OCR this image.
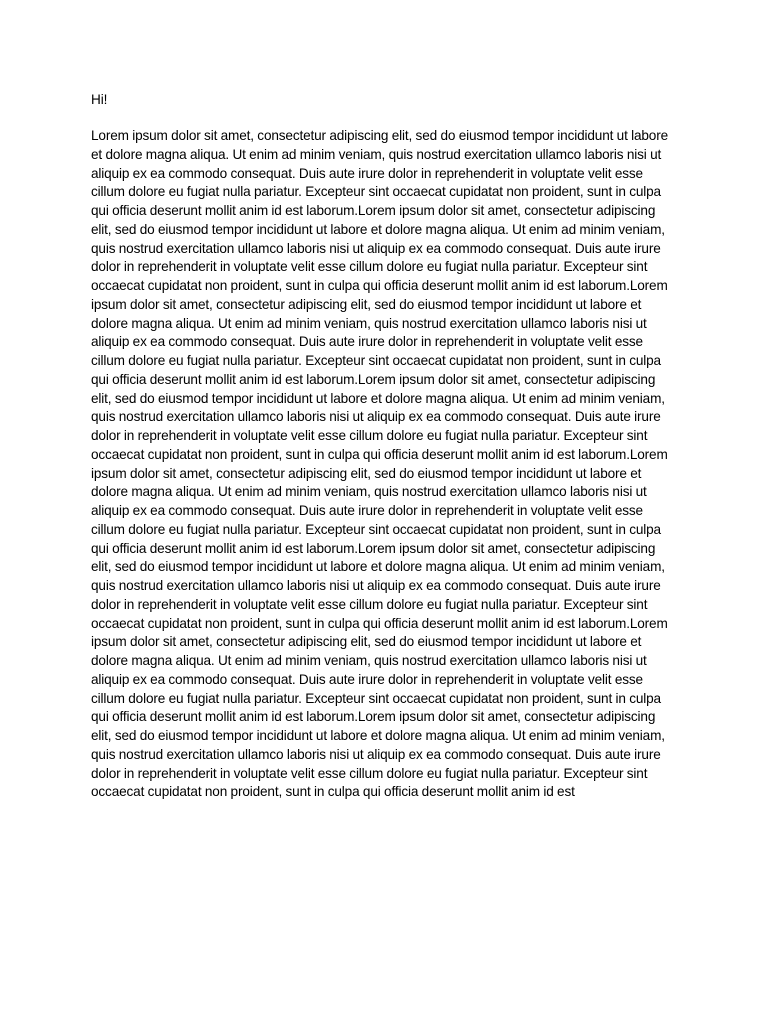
Hi!

Lorem ipsum dolor sit amet, consectetur adipiscing elit, sed do eiusmod tempor incididunt ut labore et dolore magna aliqua. Ut enim ad minim veniam, quis nostrud exercitation ullamco laboris nisi ut aliquip ex ea commodo consequat. Duis aute irure dolor in reprehenderit in voluptate velit esse cillum dolore eu fugiat nulla pariatur. Excepteur sint occaecat cupidatat non proident, sunt in culpa qui officia deserunt mollit anim id est laborum.Lorem ipsum dolor sit amet, consectetur adipiscing elit, sed do eiusmod tempor incididunt ut labore et dolore magna aliqua. Ut enim ad minim veniam, quis nostrud exercitation ullamco laboris nisi ut aliquip ex ea commodo consequat. Duis aute irure dolor in reprehenderit in voluptate velit esse cillum dolore eu fugiat nulla pariatur. Excepteur sint occaecat cupidatat non proident, sunt in culpa qui officia deserunt mollit anim id est laborum.Lorem ipsum dolor sit amet, consectetur adipiscing elit, sed do eiusmod tempor incididunt ut labore et dolore magna aliqua. Ut enim ad minim veniam, quis nostrud exercitation ullamco laboris nisi ut aliquip ex ea commodo consequat. Duis aute irure dolor in reprehenderit in voluptate velit esse cillum dolore eu fugiat nulla pariatur. Excepteur sint occaecat cupidatat non proident, sunt in culpa qui officia deserunt mollit anim id est laborum.Lorem ipsum dolor sit amet, consectetur adipiscing elit, sed do eiusmod tempor incididunt ut labore et dolore magna aliqua. Ut enim ad minim veniam, quis nostrud exercitation ullamco laboris nisi ut aliquip ex ea commodo consequat. Duis aute irure dolor in reprehenderit in voluptate velit esse cillum dolore eu fugiat nulla pariatur. Excepteur sint occaecat cupidatat non proident, sunt in culpa qui officia deserunt mollit anim id est laborum.Lorem ipsum dolor sit amet, consectetur adipiscing elit, sed do eiusmod tempor incididunt ut labore et dolore magna aliqua. Ut enim ad minim veniam, quis nostrud exercitation ullamco laboris nisi ut aliquip ex ea commodo consequat. Duis aute irure dolor in reprehenderit in voluptate velit esse cillum dolore eu fugiat nulla pariatur. Excepteur sint occaecat cupidatat non proident, sunt in culpa qui officia deserunt mollit anim id est laborum.Lorem ipsum dolor sit amet, consectetur adipiscing elit, sed do eiusmod tempor incididunt ut labore et dolore magna aliqua. Ut enim ad minim veniam, quis nostrud exercitation ullamco laboris nisi ut aliquip ex ea commodo consequat. Duis aute irure dolor in reprehenderit in voluptate velit esse cillum dolore eu fugiat nulla pariatur. Excepteur sint occaecat cupidatat non proident, sunt in culpa qui officia deserunt mollit anim id est laborum.Lorem ipsum dolor sit amet, consectetur adipiscing elit, sed do eiusmod tempor incididunt ut labore et dolore magna aliqua. Ut enim ad minim veniam, quis nostrud exercitation ullamco laboris nisi ut aliquip ex ea commodo consequat. Duis aute irure dolor in reprehenderit in voluptate velit esse cillum dolore eu fugiat nulla pariatur. Excepteur sint occaecat cupidatat non proident, sunt in culpa qui officia deserunt mollit anim id est laborum.Lorem ipsum dolor sit amet, consectetur adipiscing elit, sed do eiusmod tempor incididunt ut labore et dolore magna aliqua. Ut enim ad minim veniam, quis nostrud exercitation ullamco laboris nisi ut aliquip ex ea commodo consequat. Duis aute irure dolor in reprehenderit in voluptate velit esse cillum dolore eu fugiat nulla pariatur. Excepteur sint occaecat cupidatat non proident, sunt in culpa qui officia deserunt mollit anim id est
